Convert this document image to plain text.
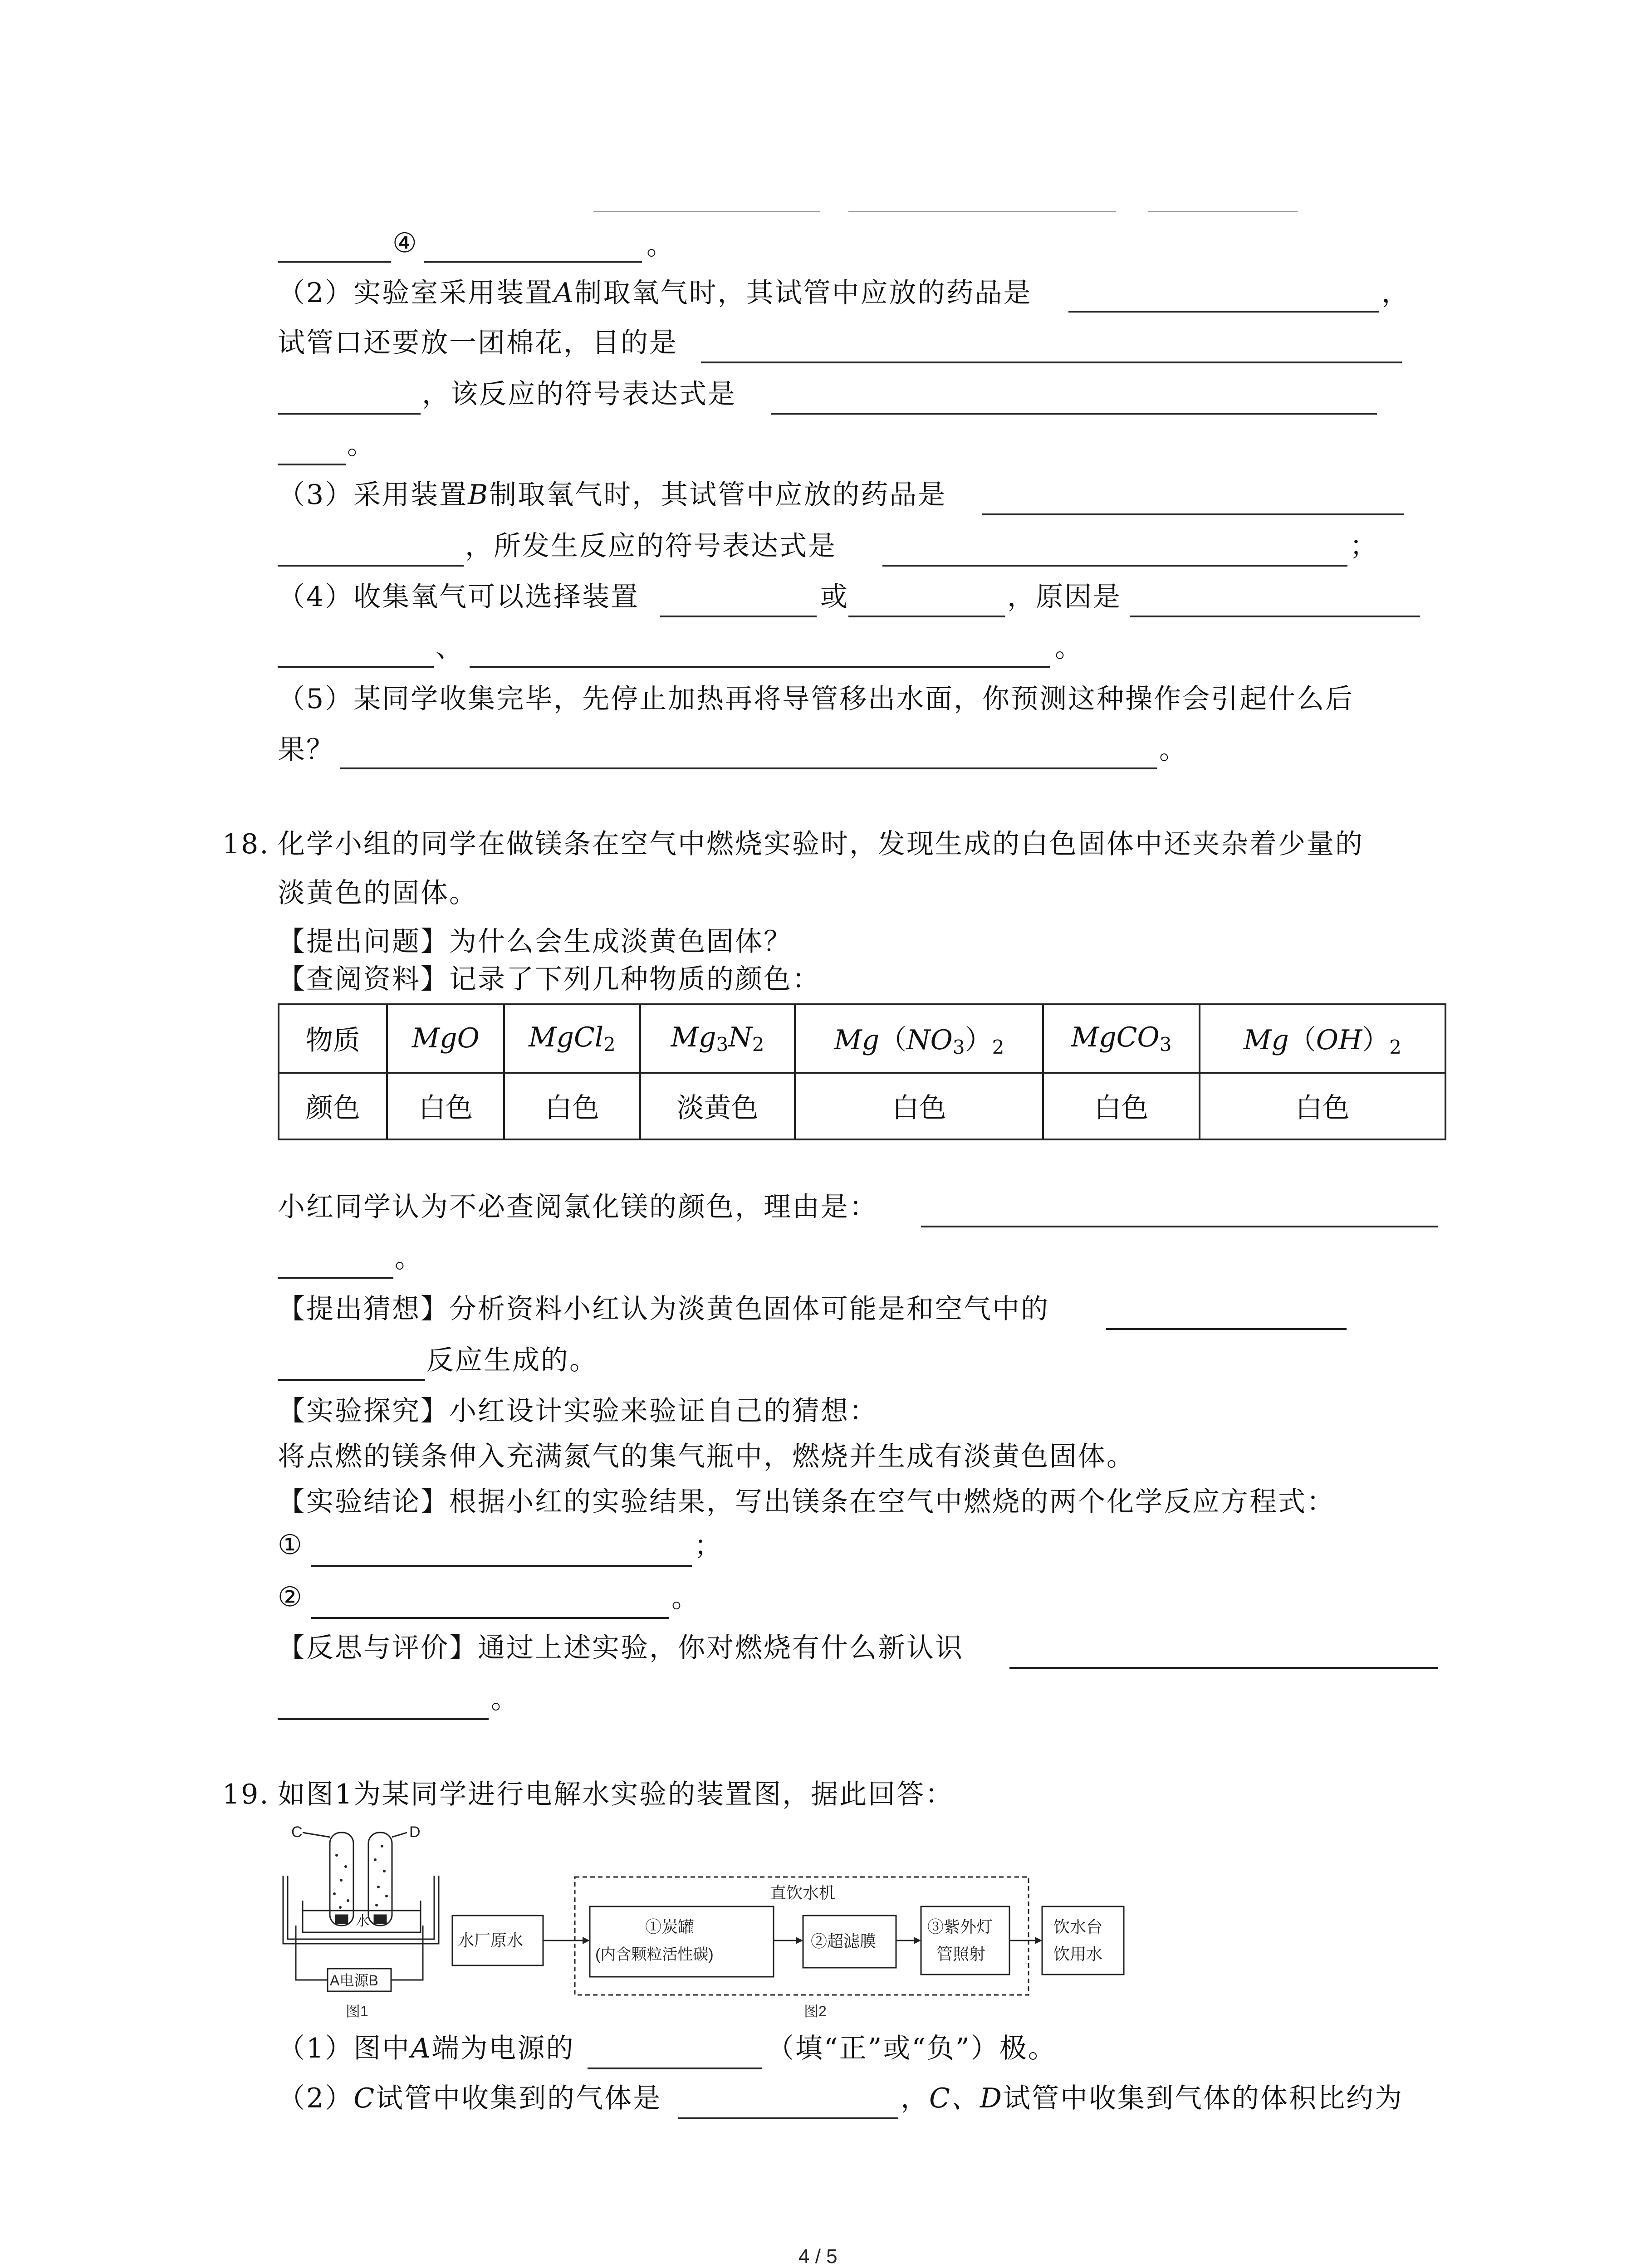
④	。
（2）实验室采用装置A制取氧气时，其试管中应放的药品是	，
试管口还要放一团棉花，目的是
，该反应的符号表达式是
。
（3）采用装置B制取氧气时，其试管中应放的药品是
，所发生反应的符号表达式是	；
（4）收集氧气可以选择装置	或	，原因是
、	。
（5）某同学收集完毕，先停止加热再将导管移出水面，你预测这种操作会引起什么后
果？	。
18. 化学小组的同学在做镁条在空气中燃烧实验时，发现生成的白色固体中还夹杂着少量的
淡黄色的固体。
【提出问题】为什么会生成淡黄色固体？
【查阅资料】记录了下列几种物质的颜色：
物质	MgO	MgCl$_2$	$Mg_3N_2$	$Mg(NO_3)_2$	MgCO$_3$	$Mg(OH)_2$
颜色	白色	白色	淡黄色	白色	白色	白色
小红同学认为不必查阅氯化镁的颜色，理由是：
。
【提出猜想】分析资料小红认为淡黄色固体可能是和空气中的
反应生成的。
【实验探究】小红设计实验来验证自己的猜想：
将点燃的镁条伸入充满氮气的集气瓶中，燃烧并生成有淡黄色固体。
【实验结论】根据小红的实验结果，写出镁条在空气中燃烧的两个化学反应方程式：
①	；
②	。
【反思与评价】通过上述实验，你对燃烧有什么新认识
。
19. 如图1为某同学进行电解水实验的装置图，据此回答：
C	D
水
A电源B
图1
直饮水机
水厂原水
①炭罐
(内含颗粒活性碳)
②超滤膜
③紫外灯
管照射
饮水台
饮用水
图2
（1）图中A端为电源的	（填“正”或“负”）极。
（2）C试管中收集到的气体是	，C、D试管中收集到气体的体积比约为
4 / 5
